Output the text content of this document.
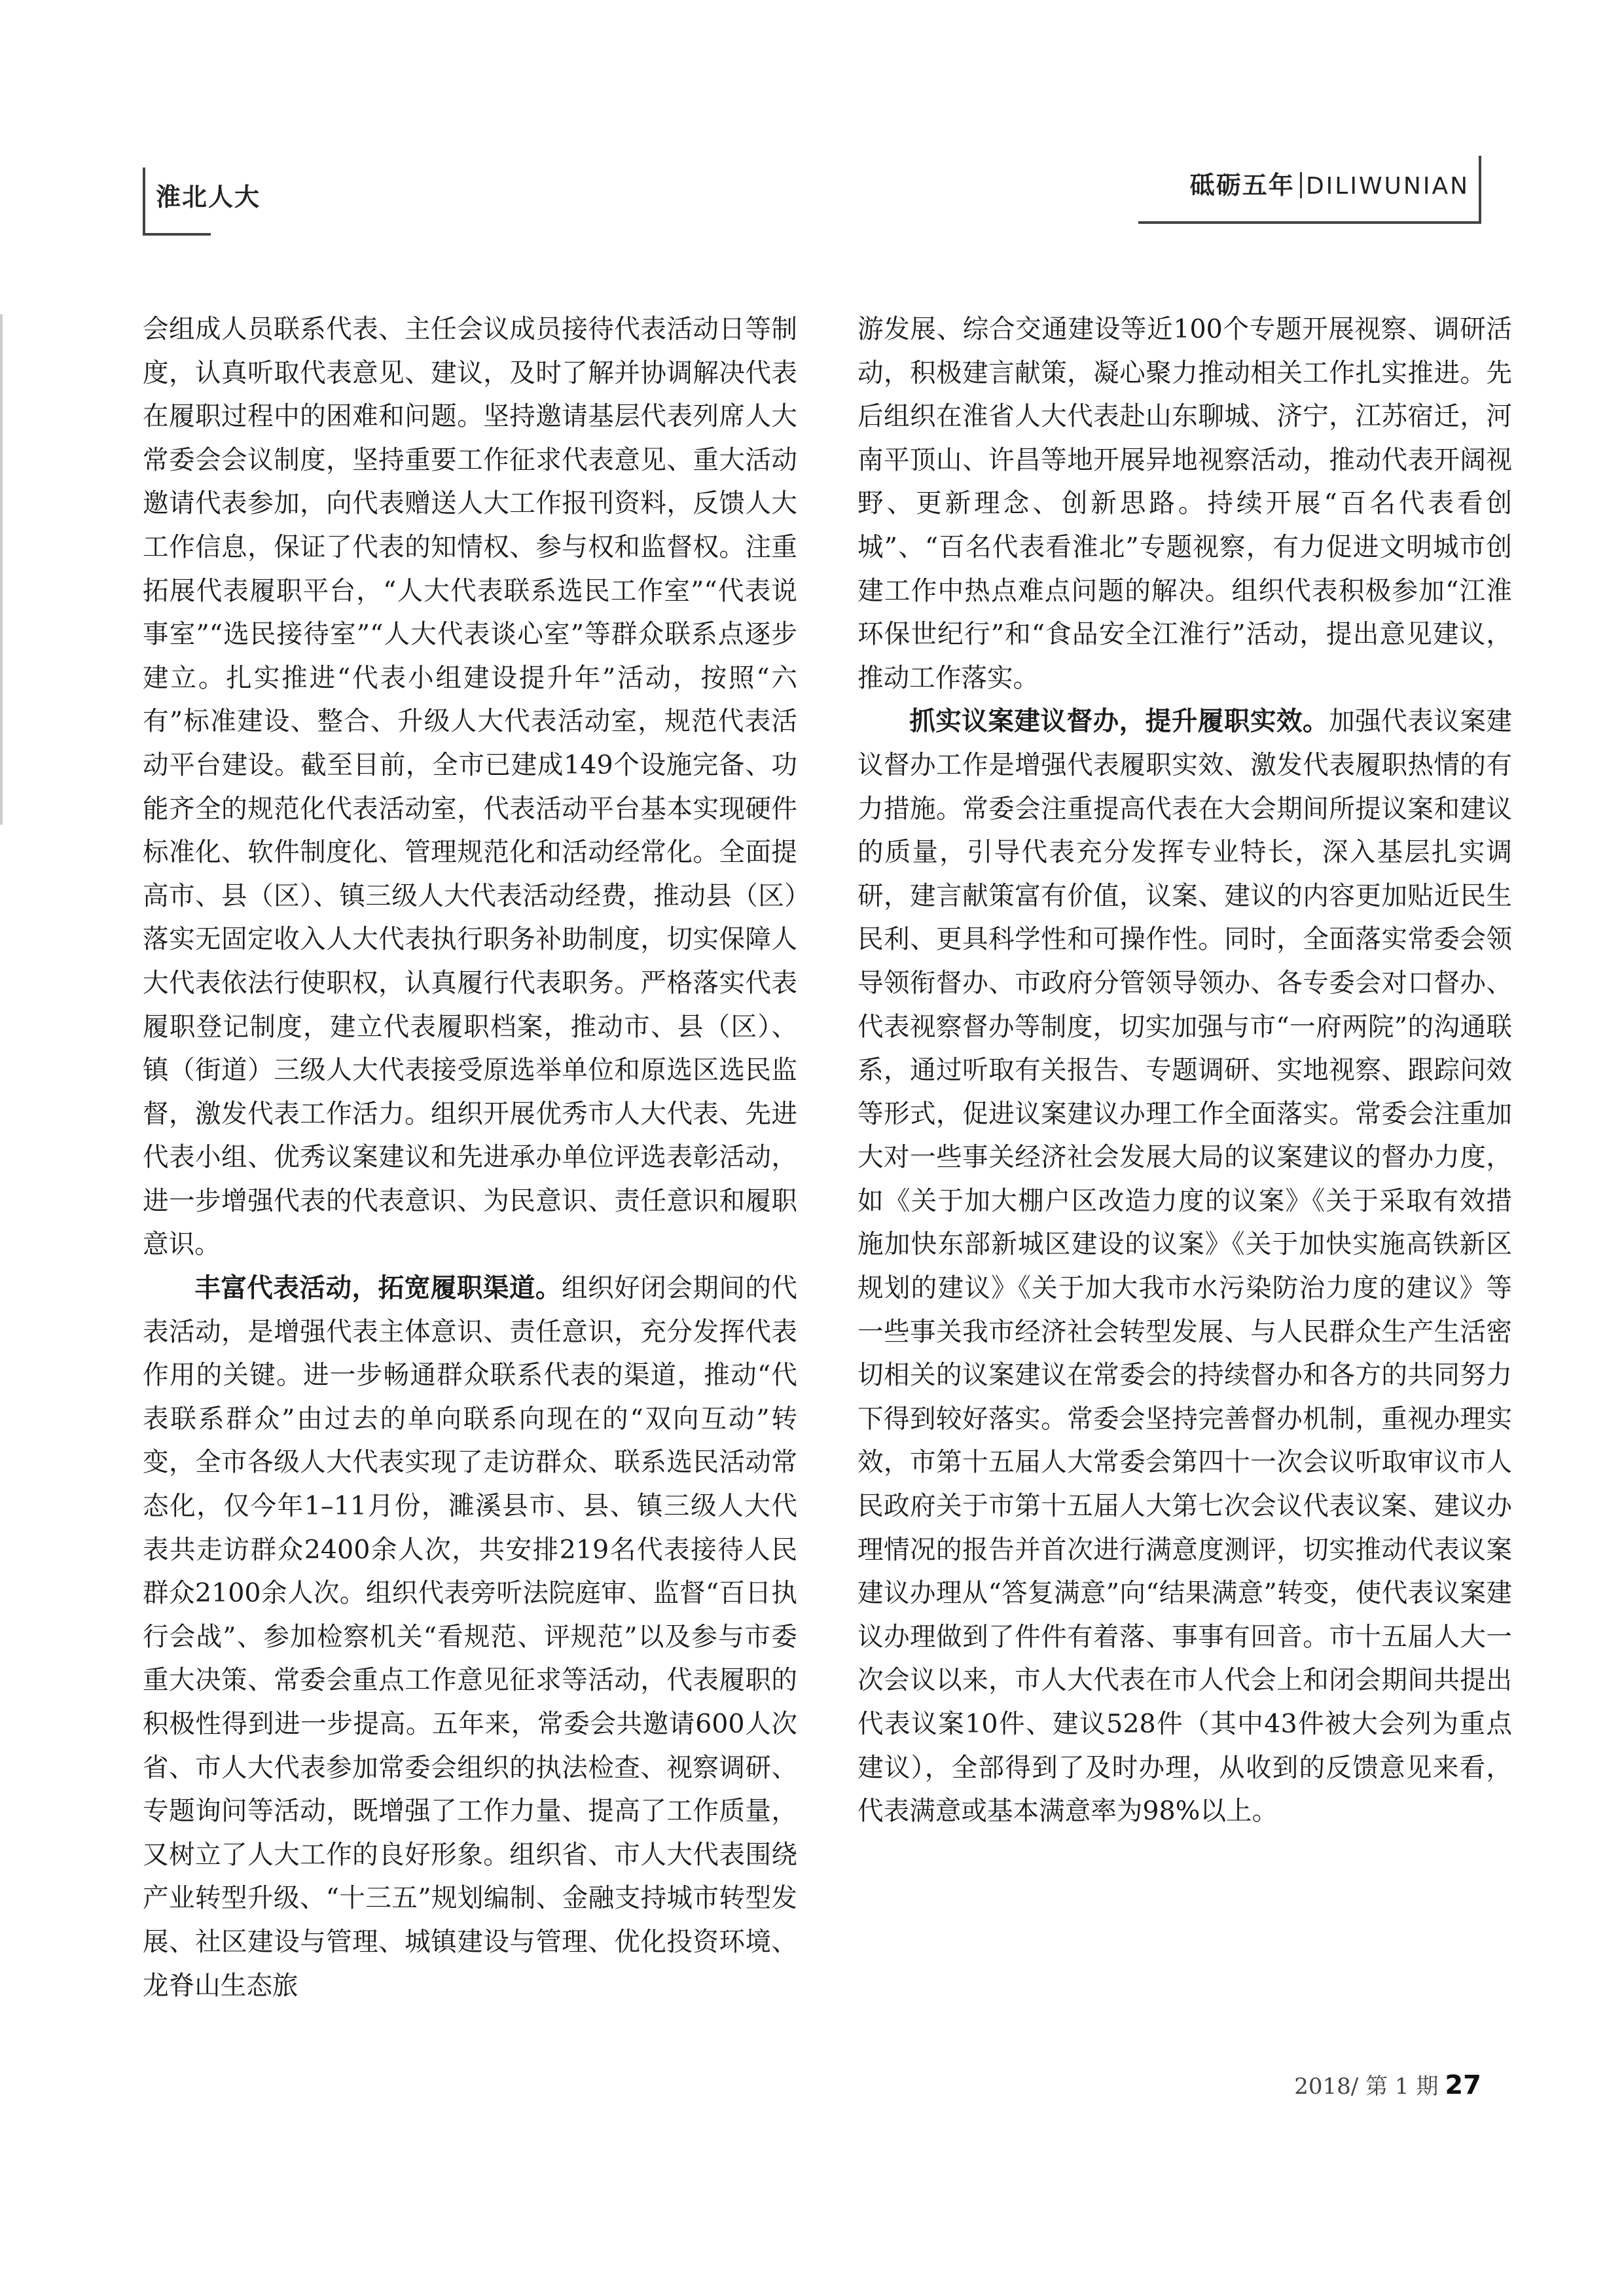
淮北人大	砥砺五年 DILIWUNIAN

会组成人员联系代表、主任会议成员接待代表活动日等制度，认真听取代表意见、建议，及时了解并协调解决代表在履职过程中的困难和问题。坚持邀请基层代表列席人大常委会会议制度，坚持重要工作征求代表意见、重大活动邀请代表参加，向代表赠送人大工作报刊资料，反馈人大工作信息，保证了代表的知情权、参与权和监督权。注重拓展代表履职平台，“人大代表联系选民工作室”“代表说事室”“选民接待室”“人大代表谈心室”等群众联系点逐步建立。扎实推进“代表小组建设提升年”活动，按照“六有”标准建设、整合、升级人大代表活动室，规范代表活动平台建设。截至目前，全市已建成149个设施完备、功能齐全的规范化代表活动室，代表活动平台基本实现硬件标准化、软件制度化、管理规范化和活动经常化。全面提高市、县（区）、镇三级人大代表活动经费，推动县（区）落实无固定收入人大代表执行职务补助制度，切实保障人大代表依法行使职权，认真履行代表职务。严格落实代表履职登记制度，建立代表履职档案，推动市、县（区）、镇（街道）三级人大代表接受原选举单位和原选区选民监督，激发代表工作活力。组织开展优秀市人大代表、先进代表小组、优秀议案建议和先进承办单位评选表彰活动，进一步增强代表的代表意识、为民意识、责任意识和履职意识。

丰富代表活动，拓宽履职渠道。组织好闭会期间的代表活动，是增强代表主体意识、责任意识，充分发挥代表作用的关键。进一步畅通群众联系代表的渠道，推动“代表联系群众”由过去的单向联系向现在的“双向互动”转变，全市各级人大代表实现了走访群众、联系选民活动常态化，仅今年1–11月份，濉溪县市、县、镇三级人大代表共走访群众2400余人次，共安排219名代表接待人民群众2100余人次。组织代表旁听法院庭审、监督“百日执行会战”、参加检察机关“看规范、评规范”以及参与市委重大决策、常委会重点工作意见征求等活动，代表履职的积极性得到进一步提高。五年来，常委会共邀请600人次省、市人大代表参加常委会组织的执法检查、视察调研、专题询问等活动，既增强了工作力量、提高了工作质量，又树立了人大工作的良好形象。组织省、市人大代表围绕产业转型升级、“十三五”规划编制、金融支持城市转型发展、社区建设与管理、城镇建设与管理、优化投资环境、龙脊山生态旅

游发展、综合交通建设等近100个专题开展视察、调研活动，积极建言献策，凝心聚力推动相关工作扎实推进。先后组织在淮省人大代表赴山东聊城、济宁，江苏宿迁，河南平顶山、许昌等地开展异地视察活动，推动代表开阔视野、更新理念、创新思路。持续开展“百名代表看创城”、“百名代表看淮北”专题视察，有力促进文明城市创建工作中热点难点问题的解决。组织代表积极参加“江淮环保世纪行”和“食品安全江淮行”活动，提出意见建议，推动工作落实。

抓实议案建议督办，提升履职实效。加强代表议案建议督办工作是增强代表履职实效、激发代表履职热情的有力措施。常委会注重提高代表在大会期间所提议案和建议的质量，引导代表充分发挥专业特长，深入基层扎实调研，建言献策富有价值，议案、建议的内容更加贴近民生民利、更具科学性和可操作性。同时，全面落实常委会领导领衔督办、市政府分管领导领办、各专委会对口督办、代表视察督办等制度，切实加强与市“一府两院”的沟通联系，通过听取有关报告、专题调研、实地视察、跟踪问效等形式，促进议案建议办理工作全面落实。常委会注重加大对一些事关经济社会发展大局的议案建议的督办力度，如《关于加大棚户区改造力度的议案》《关于采取有效措施加快东部新城区建设的议案》《关于加快实施高铁新区规划的建议》《关于加大我市水污染防治力度的建议》等一些事关我市经济社会转型发展、与人民群众生产生活密切相关的议案建议在常委会的持续督办和各方的共同努力下得到较好落实。常委会坚持完善督办机制，重视办理实效，市第十五届人大常委会第四十一次会议听取审议市人民政府关于市第十五届人大第七次会议代表议案、建议办理情况的报告并首次进行满意度测评，切实推动代表议案建议办理从“答复满意”向“结果满意”转变，使代表议案建议办理做到了件件有着落、事事有回音。市十五届人大一次会议以来，市人大代表在市人代会上和闭会期间共提出代表议案10件、建议528件（其中43件被大会列为重点建议），全部得到了及时办理，从收到的反馈意见来看，代表满意或基本满意率为98%以上。

2018/ 第 1 期 27
